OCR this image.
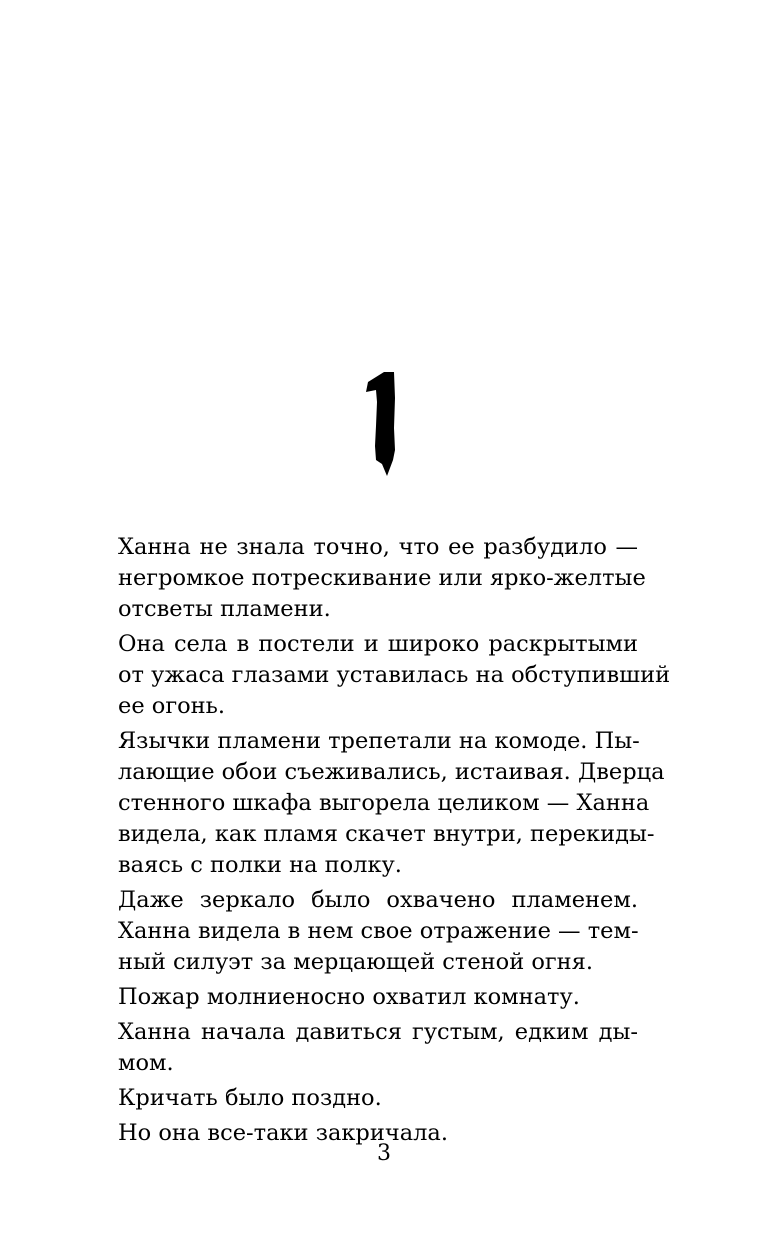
Ханна не знала точно, что ее разбудило —
негромкое потрескивание или ярко-желтые
отсветы пламени.

Она села в постели и широко раскрытыми
от ужаса глазами уставилась на обступивший
ее огонь.

Язычки пламени трепетали на комоде. Пы-
лающие обои съеживались, истаивая. Дверца
стенного шкафа выгорела целиком — Ханна
видела, как пламя скачет внутри, перекиды-
ваясь с полки на полку.

Даже зеркало было охвачено пламенем.
Ханна видела в нем свое отражение — тем-
ный силуэт за мерцающей стеной огня.

Пожар молниеносно охватил комнату.

Ханна начала давиться густым, едким ды-
мом.

Кричать было поздно.

Но она все-таки закричала.

3
